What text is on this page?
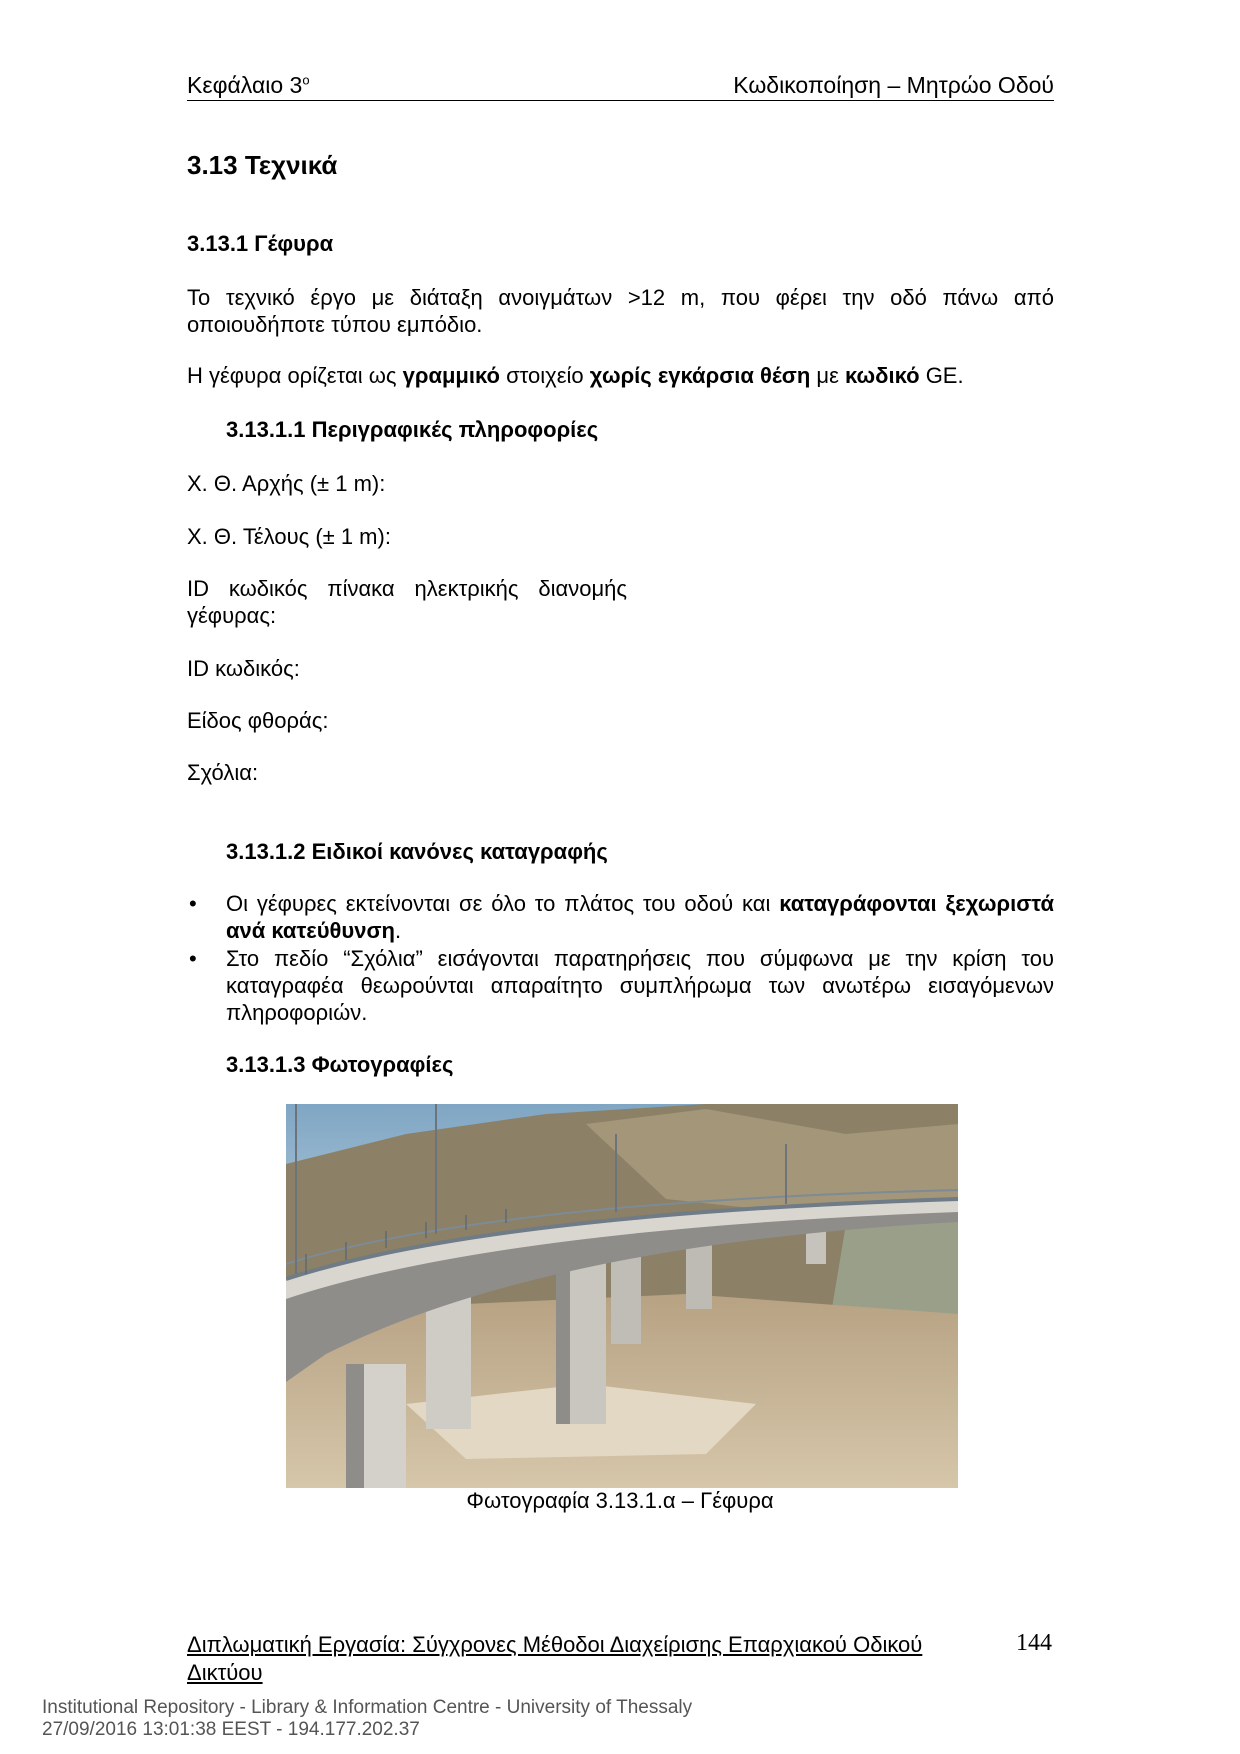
Κεφάλαιο $3^o$	Κωδικοποίηση – Μητρώο Οδού
3.13 Τεχνικά
3.13.1 Γέφυρα
Το τεχνικό έργο με διάταξη ανοιγμάτων >12 m, που φέρει την οδό πάνω από οποιουδήποτε τύπου εμπόδιο.
Η γέφυρα ορίζεται ως γραμμικό στοιχείο χωρίς εγκάρσια θέση με κωδικό GE.
3.13.1.1 Περιγραφικές πληροφορίες
Χ. Θ. Αρχής (± 1 m):
Χ. Θ. Τέλους (± 1 m):
ID κωδικός πίνακα ηλεκτρικής διανομής γέφυρας:
ID κωδικός:
Είδος φθοράς:
Σχόλια:
3.13.1.2 Ειδικοί κανόνες καταγραφής
• Οι γέφυρες εκτείνονται σε όλο το πλάτος του οδού και καταγράφονται ξεχωριστά ανά κατεύθυνση.
• Στο πεδίο “Σχόλια” εισάγονται παρατηρήσεις που σύμφωνα με την κρίση του καταγραφέα θεωρούνται απαραίτητο συμπλήρωμα των ανωτέρω εισαγόμενων πληροφοριών.
3.13.1.3 Φωτογραφίες
Φωτογραφία 3.13.1.α – Γέφυρα
Διπλωματική Εργασία: Σύγχρονες Μέθοδοι Διαχείρισης Επαρχιακού Οδικού Δικτύου
144
Institutional Repository - Library & Information Centre - University of Thessaly
27/09/2016 13:01:38 EEST - 194.177.202.37
